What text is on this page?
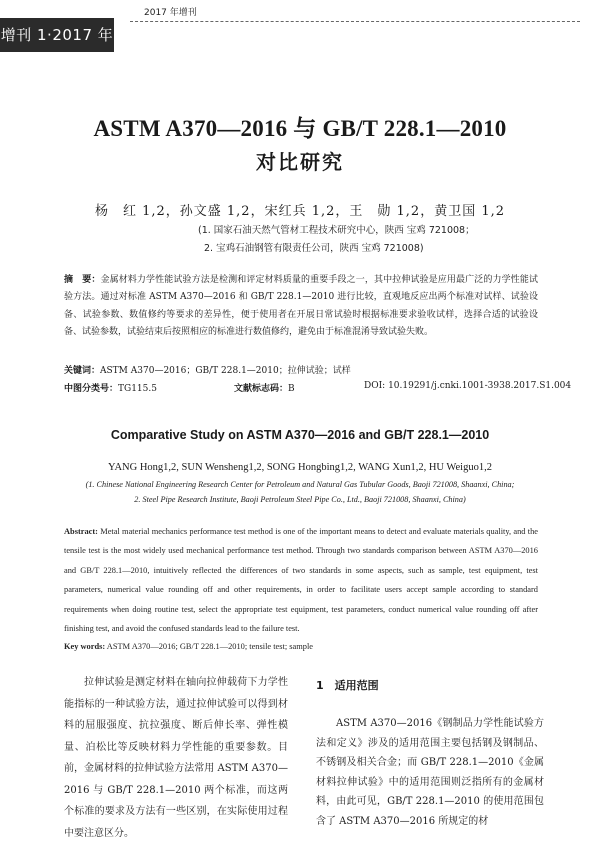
增刊 1·2017 年
2017 年增刊
ASTM A370—2016 与 GB/T 228.1—2010
对比研究
杨　红 1,2，孙文盛 1,2，宋红兵 1,2，王　勋 1,2，黄卫国 1,2
(1. 国家石油天然气管材工程技术研究中心，陕西 宝鸡 721008；
2. 宝鸡石油钢管有限责任公司，陕西 宝鸡 721008)

摘　要：金属材料力学性能试验方法是检测和评定材料质量的重要手段之一，其中拉伸试验是应用最广泛的力学性能试验方法。通过对标准 ASTM A370—2016 和 GB/T 228.1—2010 进行比较，直观地反应出两个标准对试样、试验设备、试验参数、数值修约等要求的差异性，便于使用者在开展日常试验时根据标准要求验收试样，选择合适的试验设备、试验参数，试验结束后按照相应的标准进行数值修约，避免由于标准混淆导致试验失败。

关键词：ASTM A370—2016；GB/T 228.1—2010；拉伸试验；试样

中图分类号：TG115.5	文献标志码：B	DOI: 10.19291/j.cnki.1001-3938.2017.S1.004
Comparative Study on ASTM A370—2016 and GB/T 228.1—2010
YANG Hong1,2, SUN Wensheng1,2, SONG Hongbing1,2, WANG Xun1,2, HU Weiguo1,2
(1. Chinese National Engineering Research Center for Petroleum and Natural Gas Tubular Goods, Baoji 721008, Shaanxi, China;
2. Steel Pipe Research Institute, Baoji Petroleum Steel Pipe Co., Ltd., Baoji 721008, Shaanxi, China)

Abstract: Metal material mechanics performance test method is one of the important means to detect and evaluate materials quality, and the tensile test is the most widely used mechanical performance test method. Through two standards comparison between ASTM A370—2016 and GB/T 228.1—2010, intuitively reflected the differences of two standards in some aspects, such as sample, test equipment, test parameters, numerical value rounding off and other requirements, in order to facilitate users accept sample according to standard requirements when doing routine test, select the appropriate test equipment, test parameters, conduct numerical value rounding off after finishing test, and avoid the confused standards lead to the failure test.

Key words: ASTM A370—2016; GB/T 228.1—2010; tensile test; sample

拉伸试验是测定材料在轴向拉伸载荷下力学性能指标的一种试验方法，通过拉伸试验可以得到材料的屈服强度、抗拉强度、断后伸长率、弹性模量、泊松比等反映材料力学性能的重要参数。目前，金属材料的拉伸试验方法常用 ASTM A370—2016 与 GB/T 228.1—2010 两个标准，而这两个标准的要求及方法有一些区别，在实际使用过程中要注意区分。

1　适用范围

ASTM A370—2016《钢制品力学性能试验方法和定义》涉及的适用范围主要包括钢及钢制品、不锈钢及相关合金；而 GB/T 228.1—2010《金属材料拉伸试验》中的适用范围则泛指所有的金属材料，由此可见，GB/T 228.1—2010 的使用范围包含了 ASTM A370—2016 所规定的材
